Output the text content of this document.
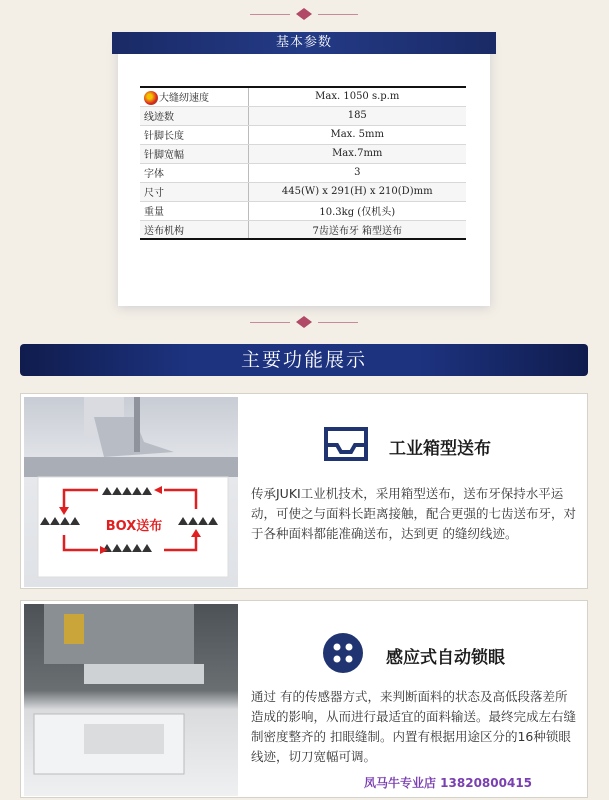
基本参数
大缝纫速度	Max. 1050 s.p.m
线迹数	185
针脚长度	Max. 5mm
针脚宽幅	Max.7mm
字体	3
尺寸	445(W) x 291(H) x 210(D)mm
重量	10.3kg (仅机头)
送布机构	7齿送布牙 箱型送布
主要功能展示
BOX送布
工业箱型送布
传承JUKI工业机技术，采用箱型送布，送布牙保持水平运动，可使之与面料长距离接触，配合更强的七齿送布牙，对于各种面料都能准确送布，达到更 的缝纫线迹。
感应式自动锁眼
通过 有的传感器方式，来判断面料的状态及高低段落差所造成的影响，从而进行最适宜的面料输送。最终完成左右缝制密度整齐的 扣眼缝制。内置有根据用途区分的16种锁眼线迹，切刀宽幅可调。
凤马牛专业店 13820800415
